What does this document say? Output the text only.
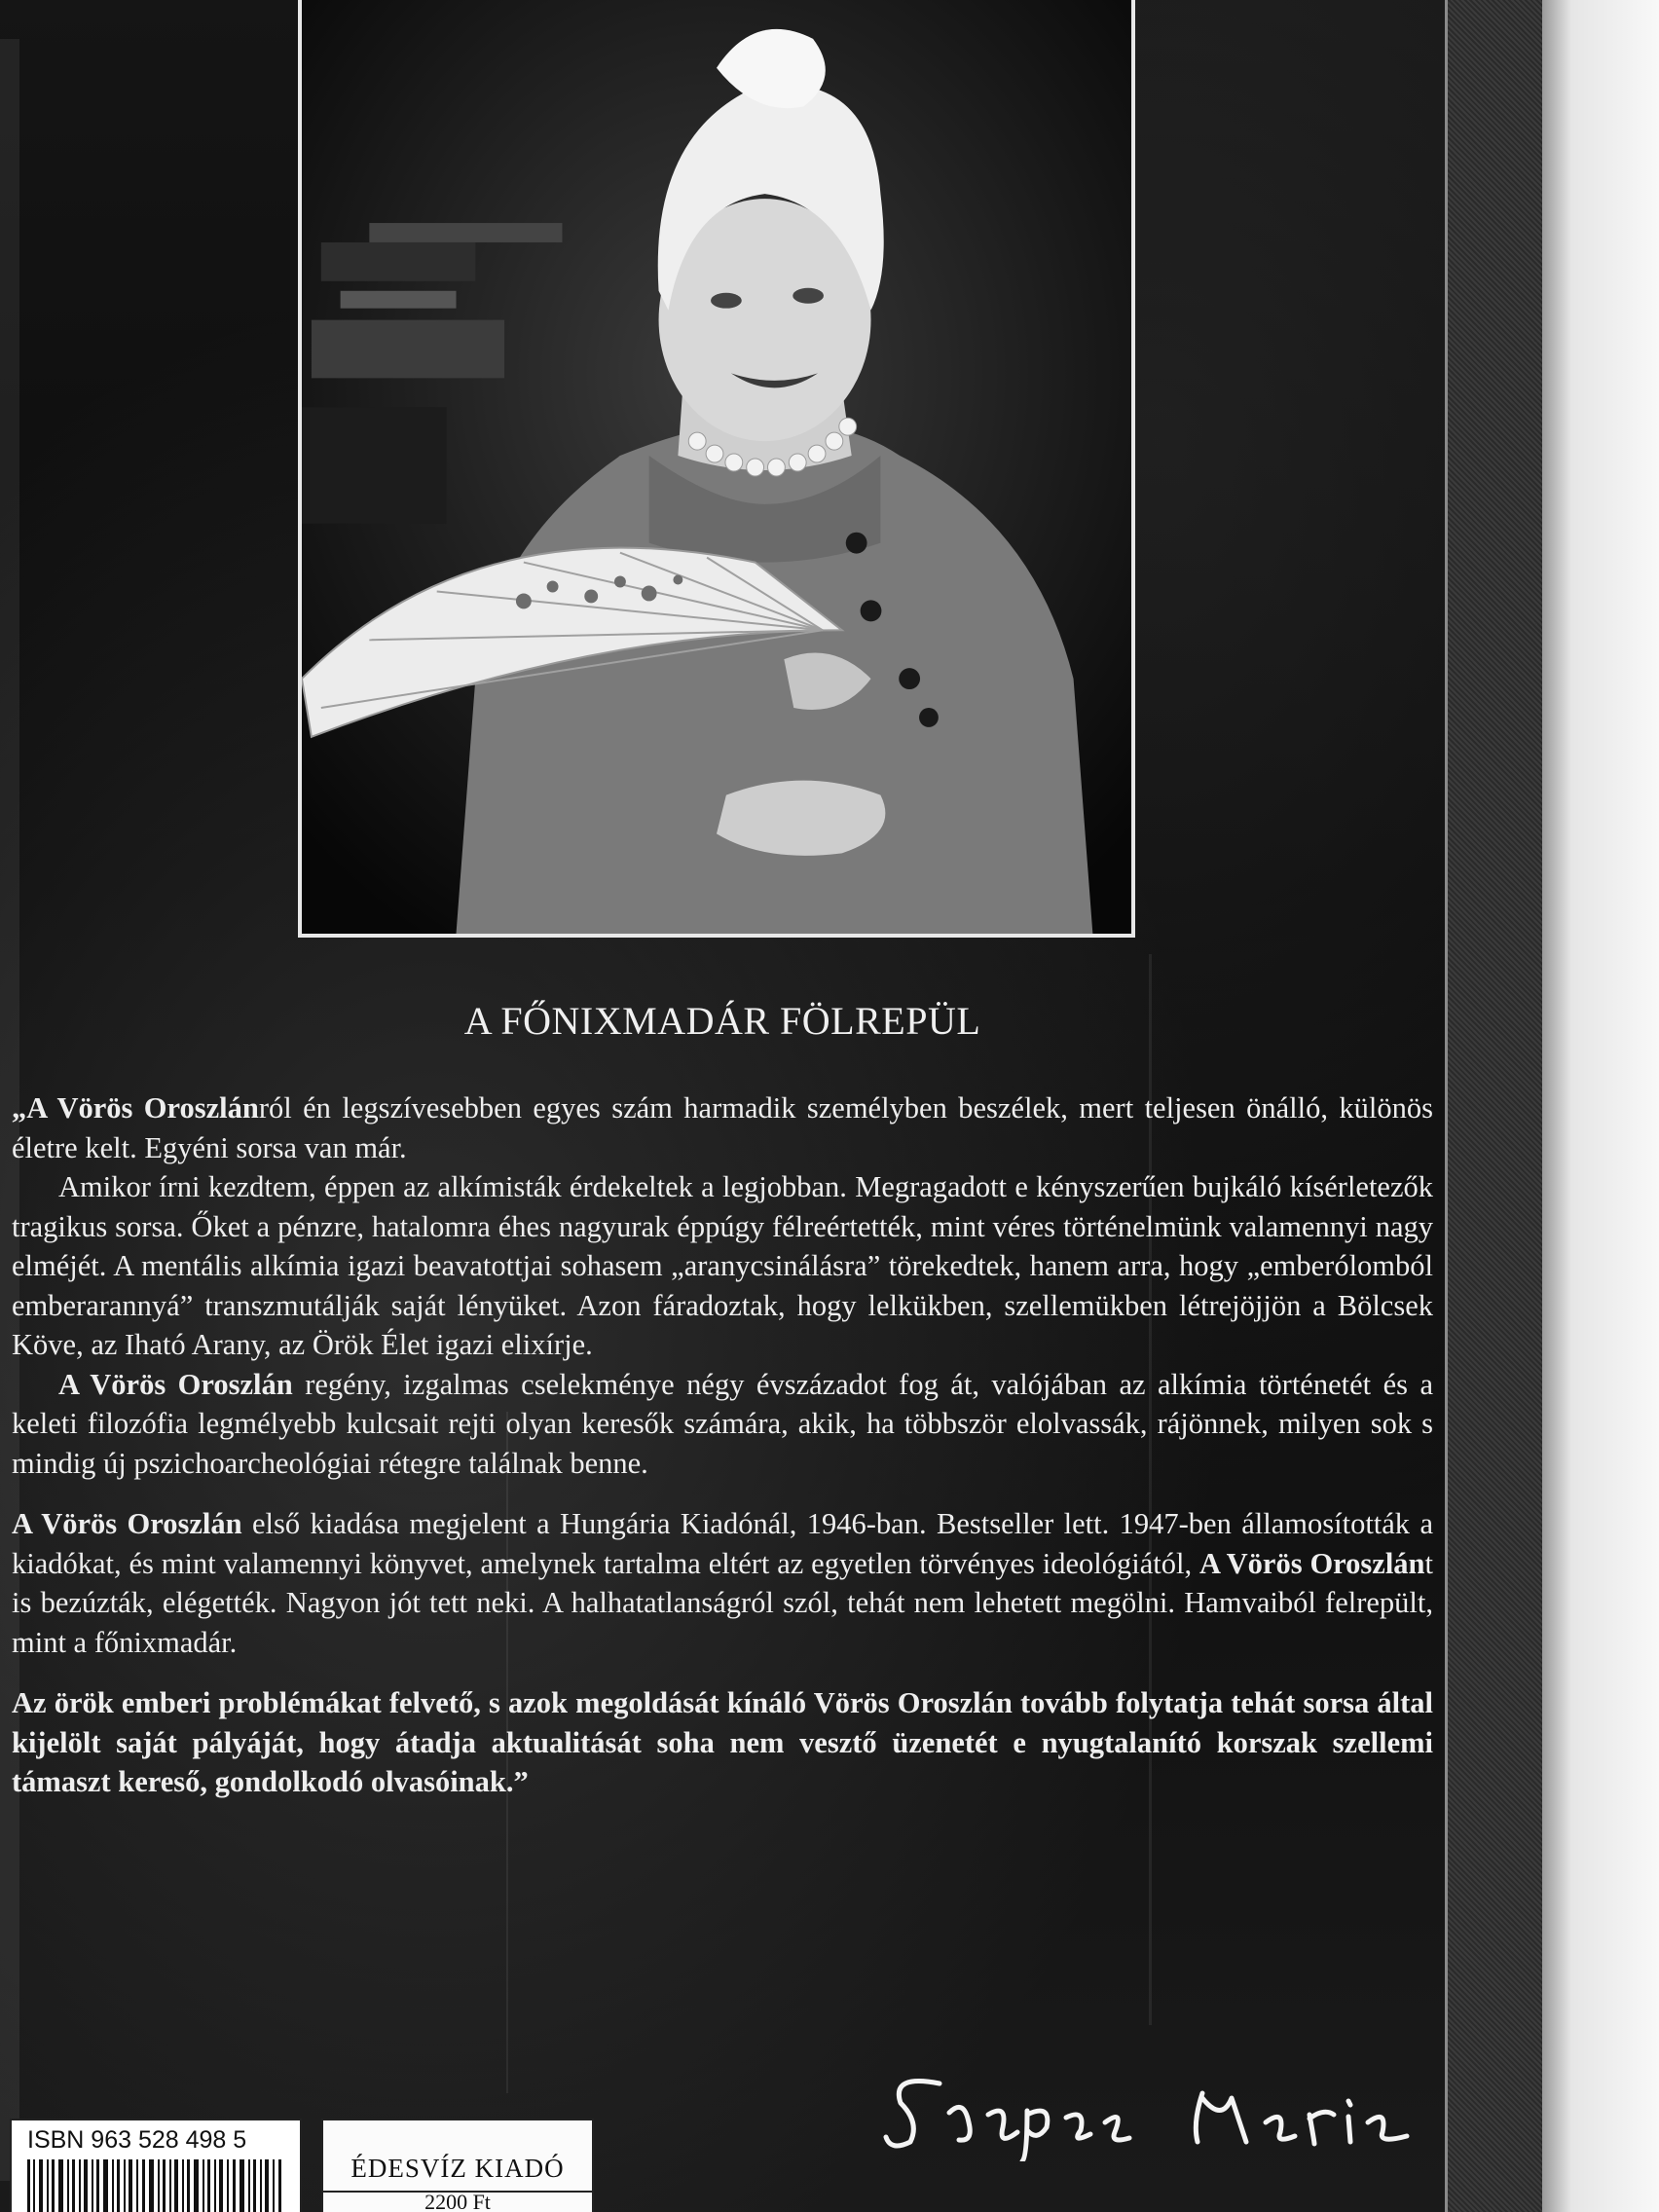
A FŐNIXMADÁR FÖLREPÜL

„A Vörös Oroszlánról én legszívesebben egyes szám harmadik személyben beszélek, mert teljesen önálló, különös életre kelt. Egyéni sorsa van már.

Amikor írni kezdtem, éppen az alkímisták érdekeltek a legjobban. Megragadott e kényszerűen bujkáló kísérletezők tragikus sorsa. Őket a pénzre, hatalomra éhes nagyurak éppúgy félreértették, mint véres történelmünk valamennyi nagy elméjét. A mentális alkímia igazi beavatottjai sohasem „aranycsinálásra” törekedtek, hanem arra, hogy „emberólomból emberarannyá” transzmutálják saját lényüket. Azon fáradoztak, hogy lelkükben, szellemükben létrejöjjön a Bölcsek Köve, az Iható Arany, az Örök Élet igazi elixírje.

A Vörös Oroszlán regény, izgalmas cselekménye négy évszázadot fog át, valójában az alkímia történetét és a keleti filozófia legmélyebb kulcsait rejti olyan keresők számára, akik, ha többször elolvassák, rájönnek, milyen sok s mindig új pszichoarcheológiai rétegre találnak benne.

A Vörös Oroszlán első kiadása megjelent a Hungária Kiadónál, 1946-ban. Bestseller lett. 1947-ben államosították a kiadókat, és mint valamennyi könyvet, amelynek tartalma eltért az egyetlen törvényes ideológiától, A Vörös Oroszlánt is bezúzták, elégették. Nagyon jót tett neki. A halhatatlanságról szól, tehát nem lehetett megölni. Hamvaiból felrepült, mint a főnixmadár.

Az örök emberi problémákat felvető, s azok megoldását kínáló Vörös Oroszlán tovább folytatja tehát sorsa által kijelölt saját pályáját, hogy átadja aktualitását soha nem vesztő üzenetét e nyugtalanító korszak szellemi támaszt kereső, gondolkodó olvasóinak.”

ISBN 963 528 498 5
ÉDESVÍZ KIADÓ
2200 Ft
